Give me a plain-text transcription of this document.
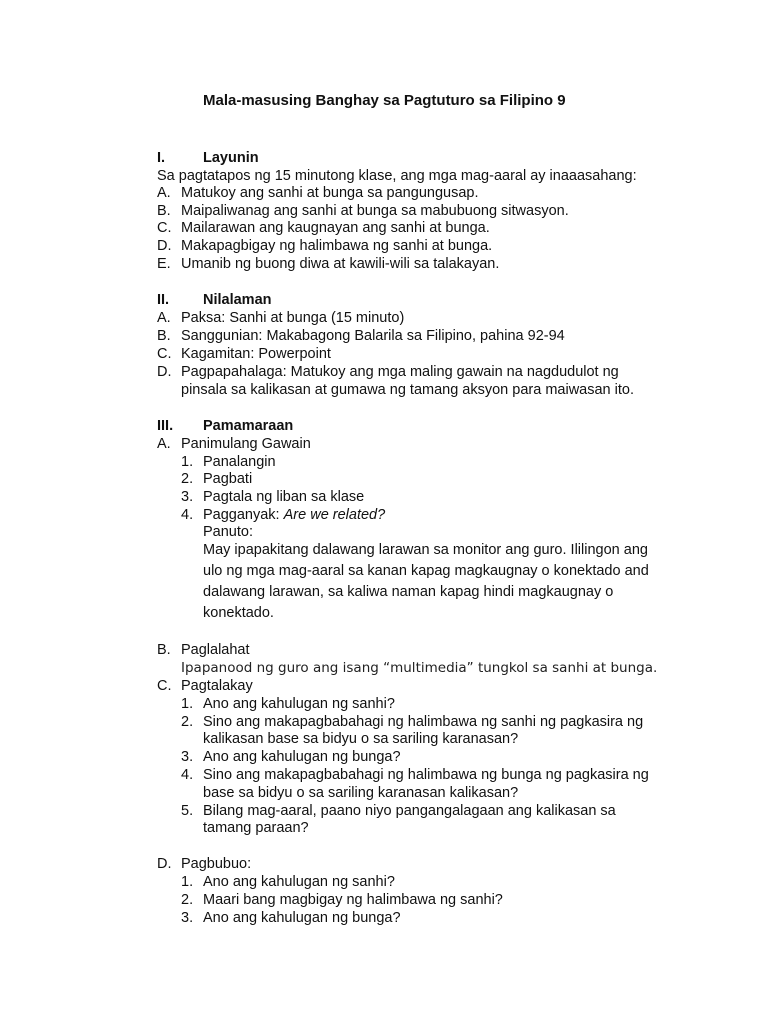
Mala-masusing Banghay sa Pagtuturo sa Filipino 9
I.	Layunin
Sa pagtatapos ng 15 minutong klase, ang mga mag-aaral ay inaaasahang:
A. Matukoy ang sanhi at bunga sa pangungusap.
B. Maipaliwanag ang sanhi at bunga sa mabubuong sitwasyon.
C. Mailarawan ang kaugnayan ang sanhi at bunga.
D. Makapagbigay ng halimbawa ng sanhi at bunga.
E. Umanib ng buong diwa at kawili-wili sa talakayan.
II. Nilalaman
A. Paksa: Sanhi at bunga (15 minuto)
B. Sanggunian: Makabagong Balarila sa Filipino, pahina 92-94
C. Kagamitan: Powerpoint
D. Pagpapahalaga: Matukoy ang mga maling gawain na nagdudulot ng
pinsala sa kalikasan at gumawa ng tamang aksyon para maiwasan ito.
III. Pamamaraan
A. Panimulang Gawain
1. Panalangin
2. Pagbati
3. Pagtala ng liban sa klase
4. Pagganyak: Are we related?
Panuto:
May ipapakitang dalawang larawan sa monitor ang guro. Ililingon ang
ulo ng mga mag-aaral sa kanan kapag magkaugnay o konektado and
dalawang larawan, sa kaliwa naman kapag hindi magkaugnay o
konektado.
B. Paglalahat
Ipapanood ng guro ang isang “multimedia” tungkol sa sanhi at bunga.
C. Pagtalakay
1. Ano ang kahulugan ng sanhi?
2. Sino ang makapagbabahagi ng halimbawa ng sanhi ng pagkasira ng
kalikasan base sa bidyu o sa sariling karanasan?
3. Ano ang kahulugan ng bunga?
4. Sino ang makapagbabahagi ng halimbawa ng bunga ng pagkasira ng
base sa bidyu o sa sariling karanasan kalikasan?
5. Bilang mag-aaral, paano niyo pangangalagaan ang kalikasan sa
tamang paraan?
D. Pagbubuo:
1. Ano ang kahulugan ng sanhi?
2. Maari bang magbigay ng halimbawa ng sanhi?
3. Ano ang kahulugan ng bunga?
